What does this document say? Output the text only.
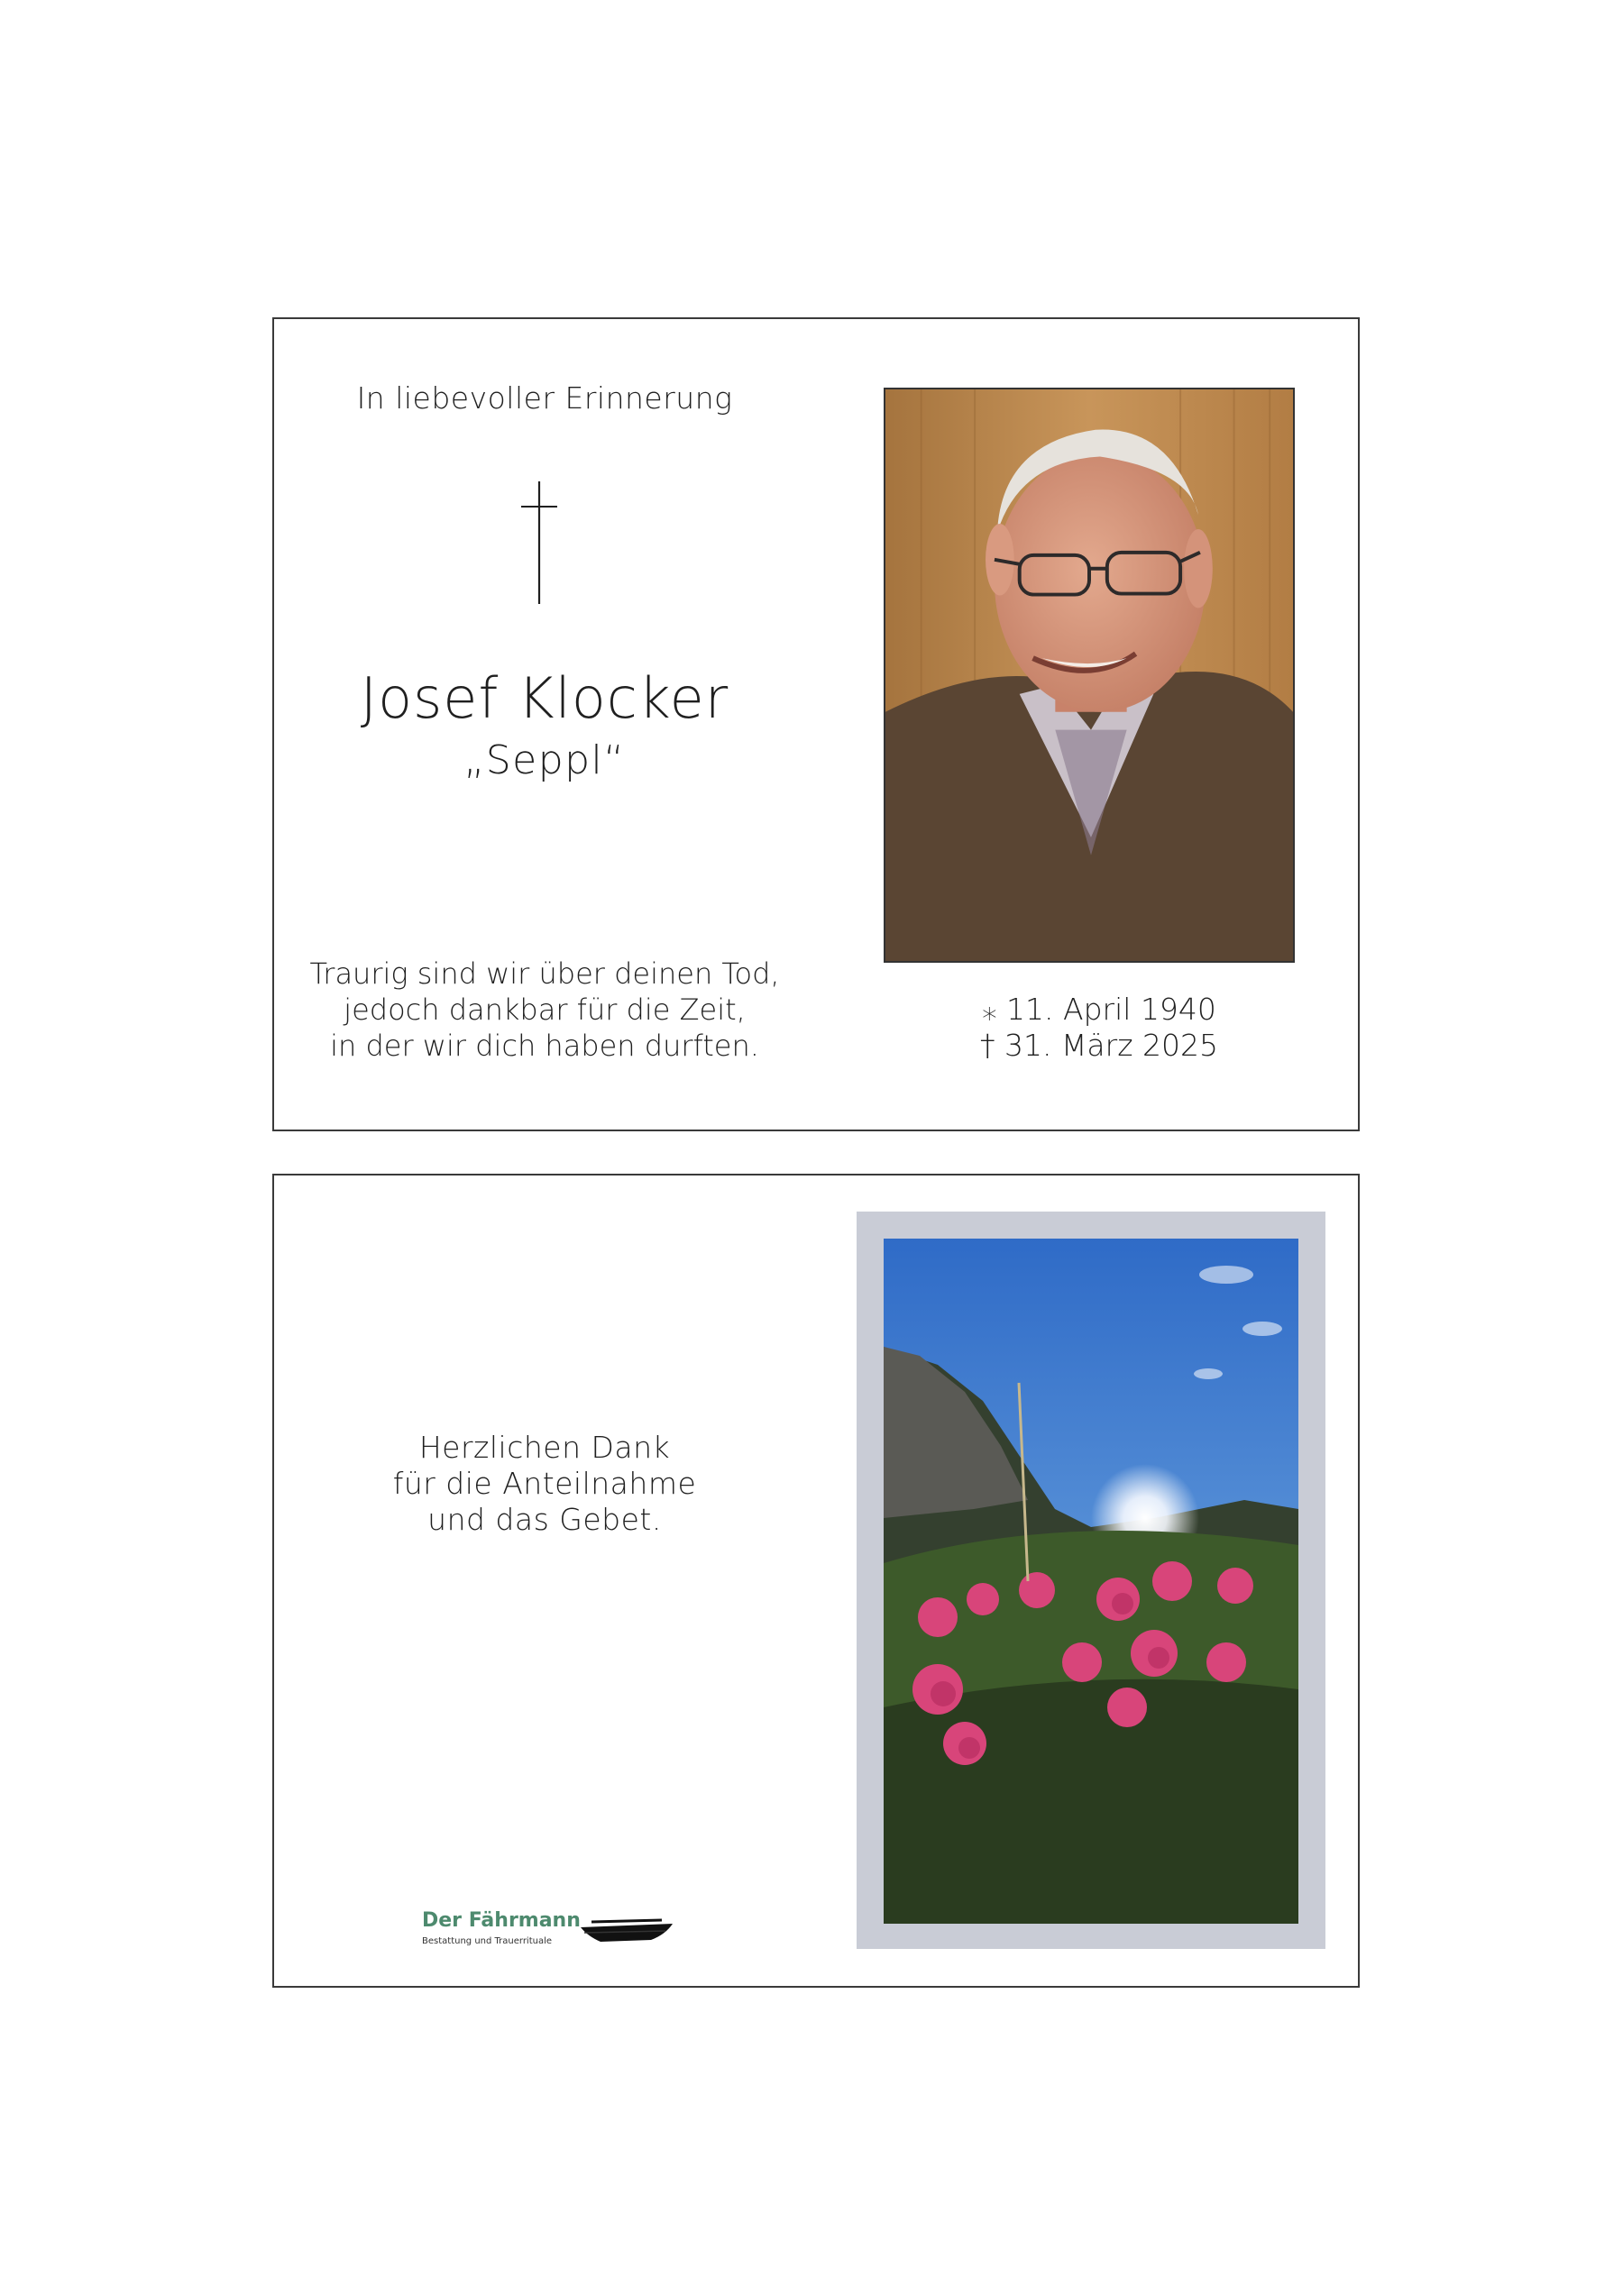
In liebevoller Erinnerung
Josef Klocker
„Seppl“
Traurig sind wir über deinen Tod,
jedoch dankbar für die Zeit,
in der wir dich haben durften.
⁎ 11. April 1940
† 31. März 2025
Herzlichen Dank
für die Anteilnahme
und das Gebet.
Der Fährmann
Bestattung und Trauerrituale
